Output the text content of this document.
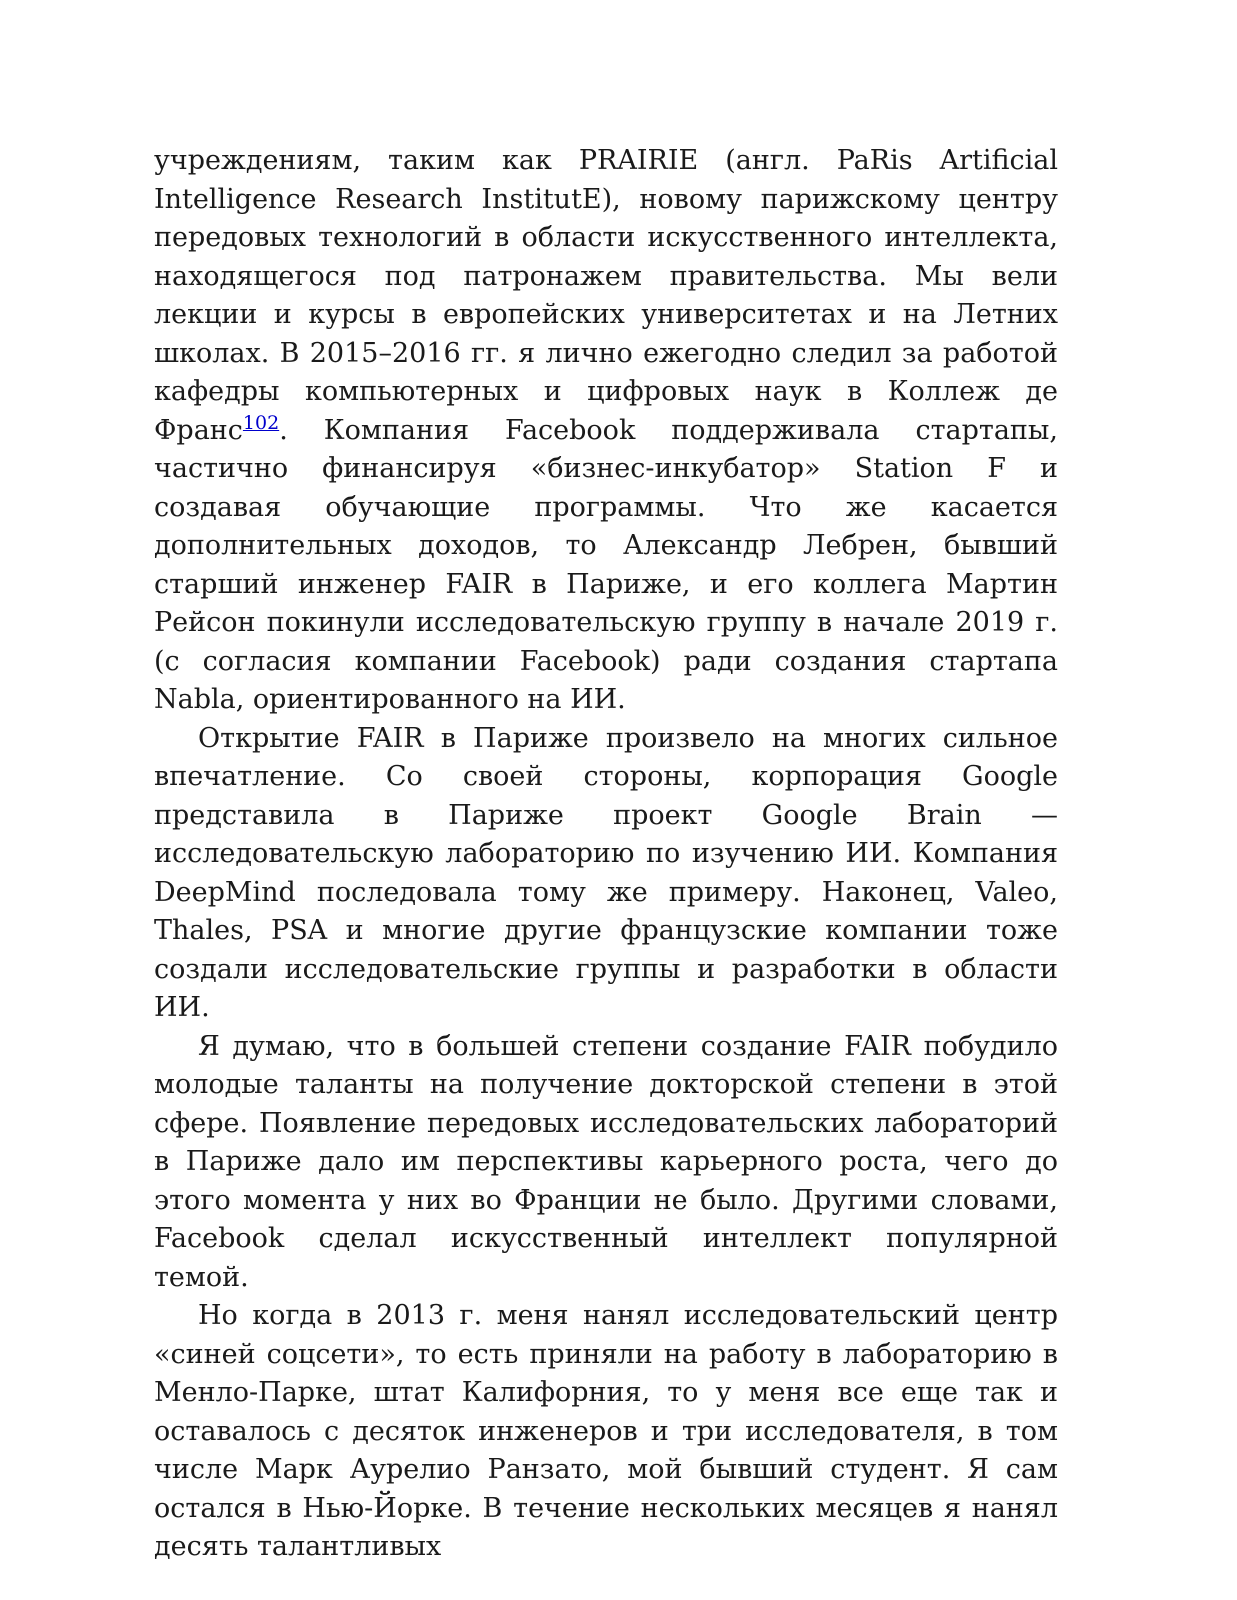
учреждениям, таким как PRAIRIE (англ. PaRis Artificial Intelligence Research InstitutE), новому парижскому центру передовых технологий в области искусственного интеллекта, находящегося под патронажем правительства. Мы вели лекции и курсы в европейских университетах и на Летних школах. В 2015–2016 гг. я лично ежегодно следил за работой кафедры компьютерных и цифровых наук в Коллеж де Франс$^{102}$. Компания Facebook поддерживала стартапы, частично финансируя «бизнес-инкубатор» Station F и создавая обучающие программы. Что же касается дополнительных доходов, то Александр Лебрен, бывший старший инженер FAIR в Париже, и его коллега Мартин Рейсон покинули исследовательскую группу в начале 2019 г. (с согласия компании Facebook) ради создания стартапа Nabla, ориентированного на ИИ.

Открытие FAIR в Париже произвело на многих сильное впечатление. Со своей стороны, корпорация Google представила в Париже проект Google Brain — исследовательскую лабораторию по изучению ИИ. Компания DeepMind последовала тому же примеру. Наконец, Valeo, Thales, PSA и многие другие французские компании тоже создали исследовательские группы и разработки в области ИИ.

Я думаю, что в большей степени создание FAIR побудило молодые таланты на получение докторской степени в этой сфере. Появление передовых исследовательских лабораторий в Париже дало им перспективы карьерного роста, чего до этого момента у них во Франции не было. Другими словами, Facebook сделал искусственный интеллект популярной темой.

Но когда в 2013 г. меня нанял исследовательский центр «синей соцсети», то есть приняли на работу в лабораторию в Менло-Парке, штат Калифорния, то у меня все еще так и оставалось с десяток инженеров и три исследователя, в том числе Марк Аурелио Ранзато, мой бывший студент. Я сам остался в Нью-Йорке. В течение нескольких месяцев я нанял десять талантливых
